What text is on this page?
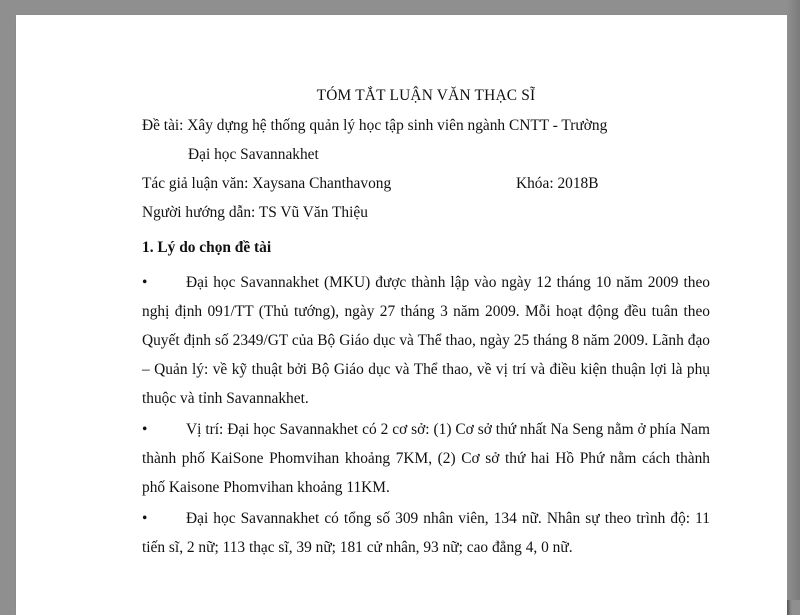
TÓM TẮT LUẬN VĂN THẠC SĨ

Đề tài: Xây dựng hệ thống quản lý học tập sinh viên ngành CNTT - Trường

Đại học Savannakhet

Tác giả luận văn: Xaysana Chanthavong	Khóa: 2018B

Người hướng dẫn: TS Vũ Văn Thiệu

1. Lý do chọn đề tài

•	Đại học Savannakhet (MKU) được thành lập vào ngày 12 tháng 10 năm 2009 theo nghị định 091/TT (Thủ tướng), ngày 27 tháng 3 năm 2009. Mỗi hoạt động đều tuân theo Quyết định số 2349/GT của Bộ Giáo dục và Thể thao, ngày 25 tháng 8 năm 2009. Lãnh đạo – Quản lý: về kỹ thuật bởi Bộ Giáo dục và Thể thao, về vị trí và điều kiện thuận lợi là phụ thuộc và tỉnh Savannakhet.

•	Vị trí: Đại học Savannakhet có 2 cơ sở: (1) Cơ sở thứ nhất Na Seng nằm ở phía Nam thành phố KaiSone Phomvihan khoảng 7KM, (2) Cơ sở thứ hai Hồ Phứ nằm cách thành phố Kaisone Phomvihan khoảng 11KM.

•	Đại học Savannakhet có tổng số 309 nhân viên, 134 nữ. Nhân sự theo trình độ: 11 tiến sĩ, 2 nữ; 113 thạc sĩ, 39 nữ; 181 cử nhân, 93 nữ; cao đẳng 4, 0 nữ.
